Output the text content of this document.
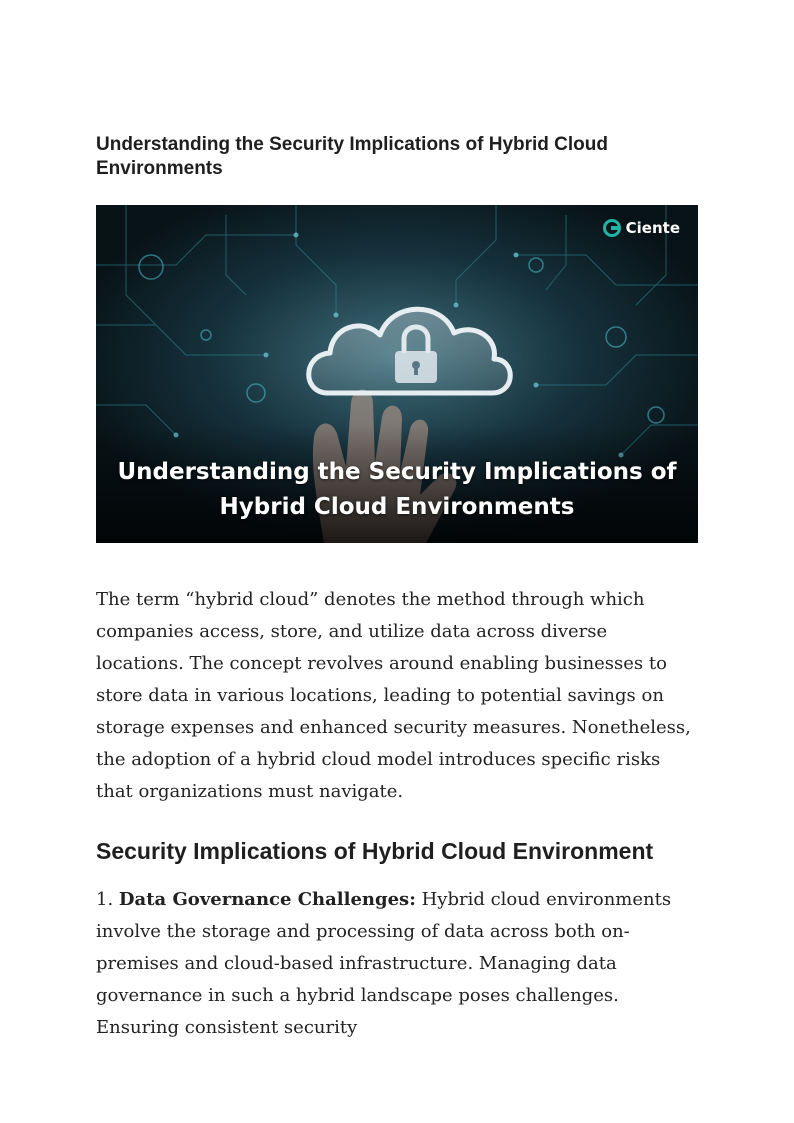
Understanding the Security Implications of Hybrid Cloud Environments
Ciente
Understanding the Security Implications of
Hybrid Cloud Environments

The term “hybrid cloud” denotes the method through which companies access, store, and utilize data across diverse locations. The concept revolves around enabling businesses to store data in various locations, leading to potential savings on storage expenses and enhanced security measures. Nonetheless, the adoption of a hybrid cloud model introduces specific risks that organizations must navigate.

Security Implications of Hybrid Cloud Environment

1. Data Governance Challenges: Hybrid cloud environments involve the storage and processing of data across both on-premises and cloud-based infrastructure. Managing data governance in such a hybrid landscape poses challenges. Ensuring consistent security
